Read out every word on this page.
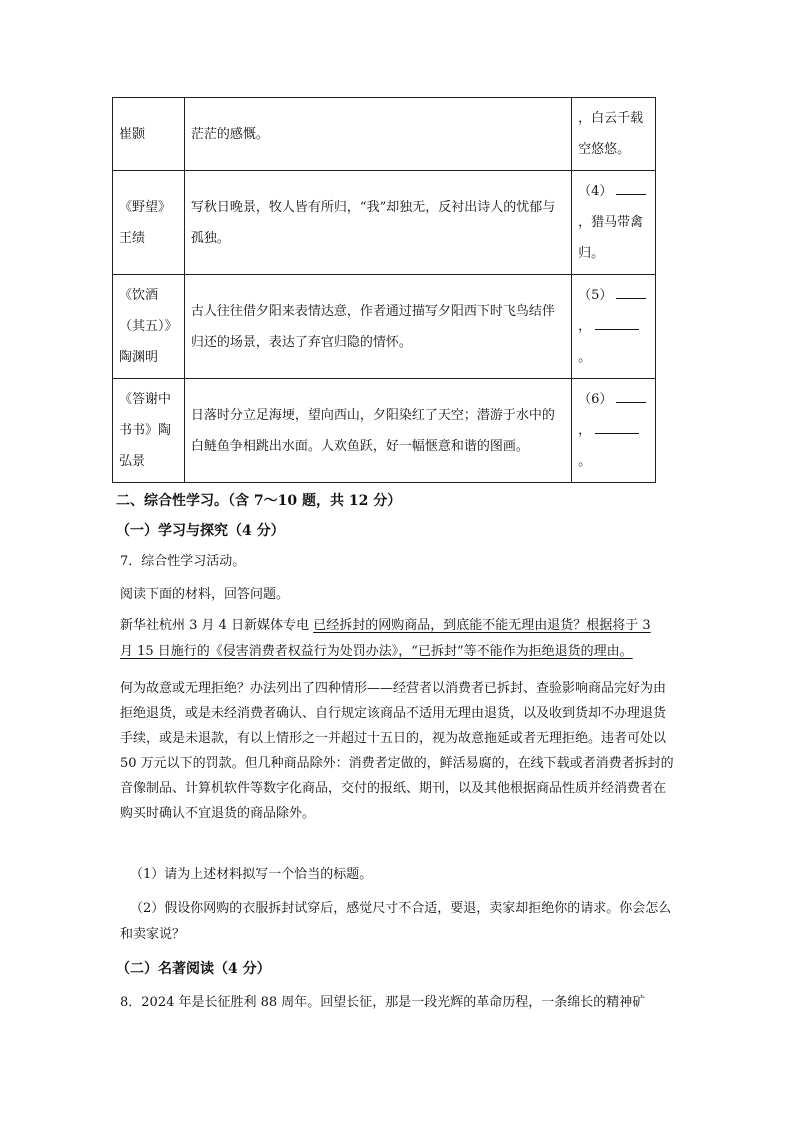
崔颢	茫茫的感慨。	，白云千载
空悠悠。

《野望》王绩	写秋日晚景，牧人皆有所归，“我”却独无，反衬出诗人的忧郁与孤独。	（4）
，猎马带禽
归。

《饮酒（其五）》陶渊明	古人往往借夕阳来表情达意，作者通过描写夕阳西下时飞鸟结伴归还的场景，表达了弃官归隐的情怀。	（5）
，
。

《答谢中书书》陶弘景	日落时分立足海埂，望向西山，夕阳染红了天空；潜游于水中的白鲢鱼争相跳出水面。人欢鱼跃，好一幅惬意和谐的图画。	（6）
，
。
二、综合性学习。（含 7～10 题，共 12 分）
（一）学习与探究（4 分）
7．综合性学习活动。
阅读下面的材料，回答问题。
新华社杭州 3 月 4 日新媒体专电 已经拆封的网购商品，到底能不能无理由退货？根据将于 3
月 15 日施行的《侵害消费者权益行为处罚办法》，“已拆封”等不能作为拒绝退货的理由。
何为故意或无理拒绝？办法列出了四种情形——经营者以消费者已拆封、查验影响商品完好为由拒绝退货，或是未经消费者确认、自行规定该商品不适用无理由退货，以及收到货却不办理退货手续，或是未退款，有以上情形之一并超过十五日的，视为故意拖延或者无理拒绝。违者可处以 50 万元以下的罚款。但几种商品除外：消费者定做的，鲜活易腐的，在线下载或者消费者拆封的音像制品、计算机软件等数字化商品，交付的报纸、期刊，以及其他根据商品性质并经消费者在购买时确认不宜退货的商品除外。
（1）请为上述材料拟写一个恰当的标题。
（2）假设你网购的衣服拆封试穿后，感觉尺寸不合适，要退，卖家却拒绝你的请求。你会怎么和卖家说？
（二）名著阅读（4 分）
8．2024 年是长征胜利 88 周年。回望长征，那是一段光辉的革命历程，一条绵长的精神矿
